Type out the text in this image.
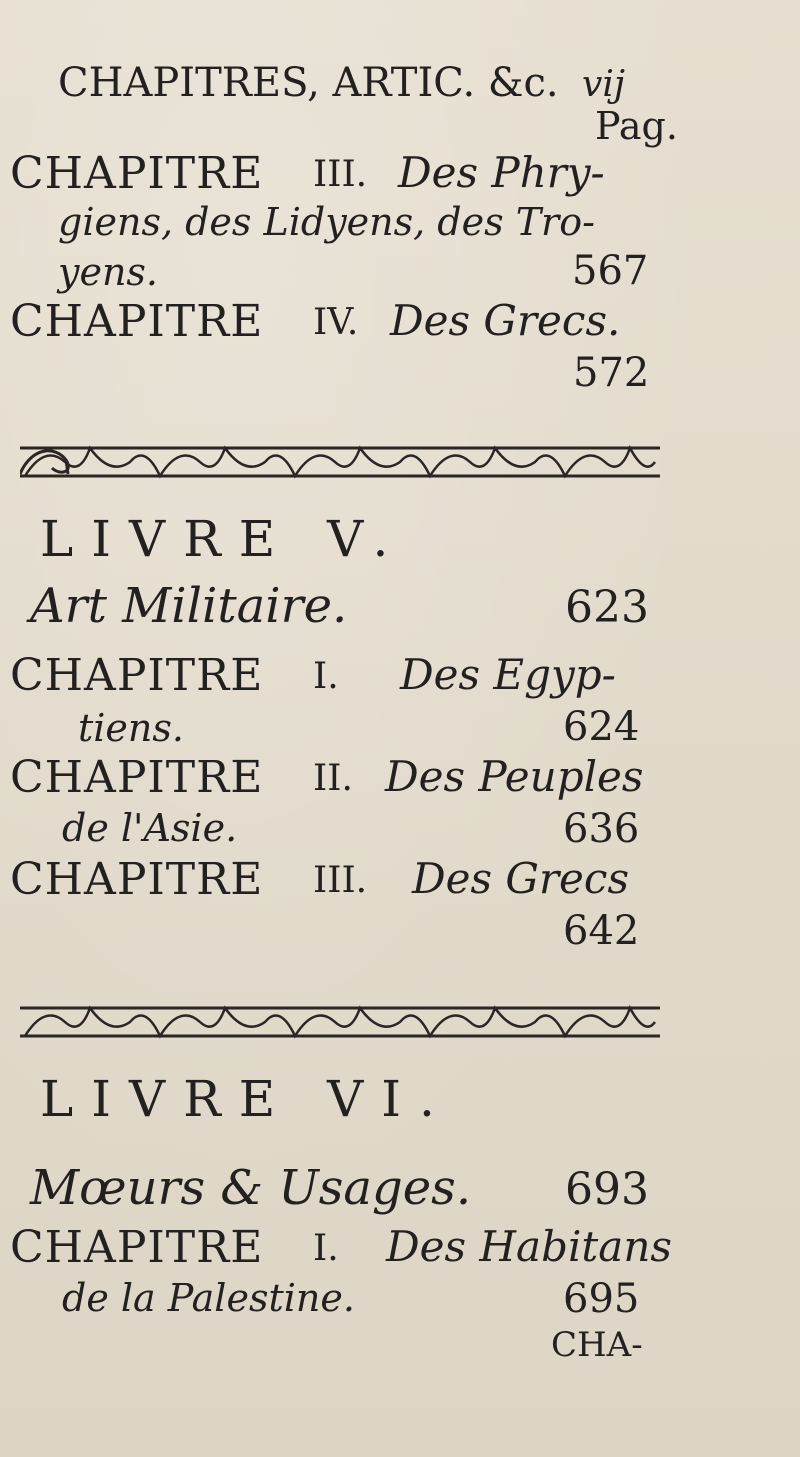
CHAPITRES, ARTIC. &c. vij
Pag.
CHAPITRE III. Des Phry-
giens, des Lidyens, des Tro-
yens.	567
CHAPITRE IV. Des Grecs.
572
LIVRE V.
Art Militaire.	623
CHAPITRE I. Des Egyp-
tiens.	624
CHAPITRE II. Des Peuples
de l'Asie.	636
CHAPITRE III. Des Grecs
642
LIVRE VI.
Mœurs & Usages. 693
CHAPITRE I. Des Habitans
de la Palestine.	695
CHA-
